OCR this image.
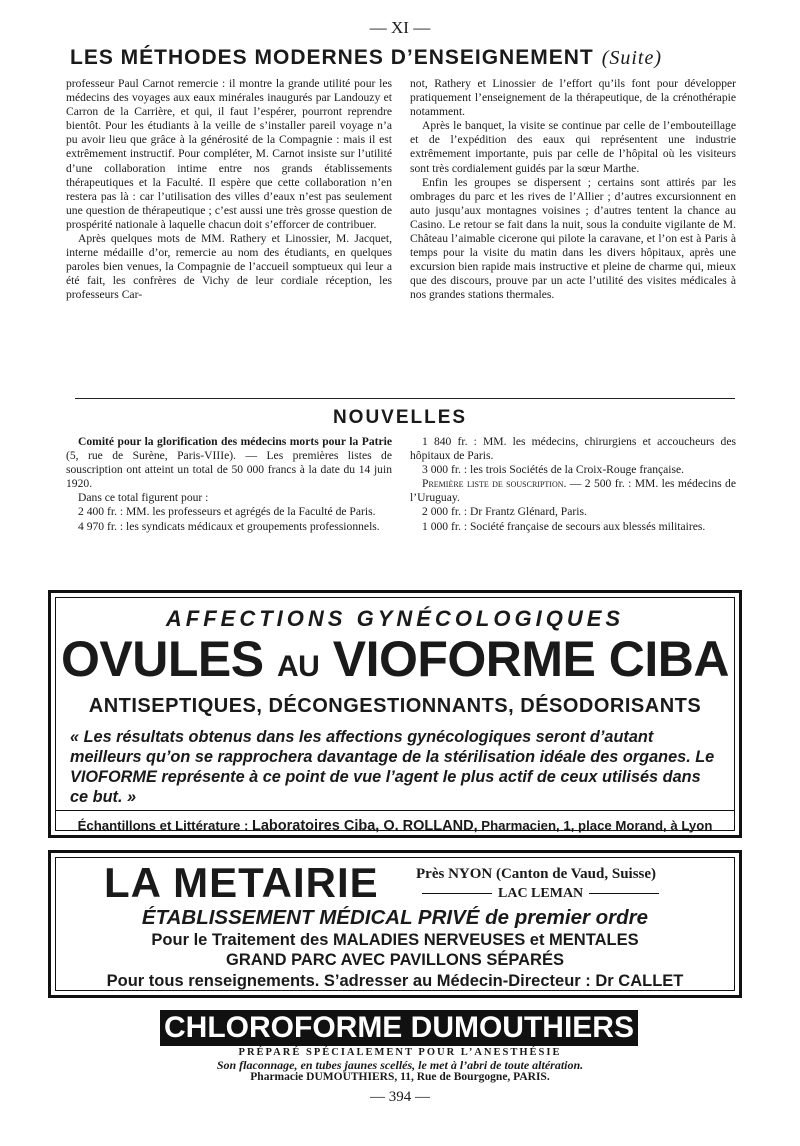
— XI —
LES MÉTHODES MODERNES D’ENSEIGNEMENT (Suite)

professeur Paul Carnot remercie : il montre la grande utilité pour les médecins des voyages aux eaux minérales inaugurés par Landouzy et Carron de la Carrière, et qui, il faut l’espérer, pourront reprendre bientôt. Pour les étudiants à la veille de s’installer pareil voyage n’a pu avoir lieu que grâce à la générosité de la Compagnie : mais il est extrêmement instructif. Pour compléter, M. Carnot insiste sur l’utilité d’une collaboration intime entre nos grands établissements thérapeutiques et la Faculté. Il espère que cette collaboration n’en restera pas là : car l’utilisation des villes d’eaux n’est pas seulement une question de thérapeutique ; c’est aussi une très grosse question de prospérité nationale à laquelle chacun doit s’efforcer de contribuer.

Après quelques mots de MM. Rathery et Linossier, M. Jacquet, interne médaille d’or, remercie au nom des étudiants, en quelques paroles bien venues, la Compagnie de l’accueil somptueux qui leur a été fait, les confrères de Vichy de leur cordiale réception, les professeurs Car-

not, Rathery et Linossier de l’effort qu’ils font pour développer pratiquement l’enseignement de la thérapeutique, de la crénothérapie notamment.

Après le banquet, la visite se continue par celle de l’embouteillage et de l’expédition des eaux qui représentent une industrie extrêmement importante, puis par celle de l’hôpital où les visiteurs sont très cordialement guidés par la sœur Marthe.

Enfin les groupes se dispersent ; certains sont attirés par les ombrages du parc et les rives de l’Allier ; d’autres excursionnent en auto jusqu’aux montagnes voisines ; d’autres tentent la chance au Casino. Le retour se fait dans la nuit, sous la conduite vigilante de M. Château l’aimable cicerone qui pilote la caravane, et l’on est à Paris à temps pour la visite du matin dans les divers hôpitaux, après une excursion bien rapide mais instructive et pleine de charme qui, mieux que des discours, prouve par un acte l’utilité des visites médicales à nos grandes stations thermales.

NOUVELLES

Comité pour la glorification des médecins morts pour la Patrie (5, rue de Surène, Paris-VIIIe). — Les premières listes de souscription ont atteint un total de 50 000 francs à la date du 14 juin 1920.

Dans ce total figurent pour :

2 400 fr. : MM. les professeurs et agrégés de la Faculté de Paris.

4 970 fr. : les syndicats médicaux et groupements professionnels.

1 840 fr. : MM. les médecins, chirurgiens et accoucheurs des hôpitaux de Paris.

3 000 fr. : les trois Sociétés de la Croix-Rouge française.

Première liste de souscription. — 2 500 fr. : MM. les médecins de l’Uruguay.

2 000 fr. : Dr Frantz Glénard, Paris.

1 000 fr. : Société française de secours aux blessés militaires.

AFFECTIONS GYNÉCOLOGIQUES
OVULES AU VIOFORME CIBA
ANTISEPTIQUES, DÉCONGESTIONNANTS, DÉSODORISANTS
« Les résultats obtenus dans les affections gynécologiques seront d’autant meilleurs qu’on se rapprochera davantage de la stérilisation idéale des organes. Le VIOFORME représente à ce point de vue l’agent le plus actif de ceux utilisés dans ce but. »
Échantillons et Littérature : Laboratoires Ciba, O. ROLLAND, Pharmacien, 1, place Morand, à Lyon
LA METAIRIE Près NYON (Canton de Vaud, Suisse)
LAC LEMAN
ÉTABLISSEMENT MÉDICAL PRIVÉ de premier ordre
Pour le Traitement des MALADIES NERVEUSES et MENTALES
GRAND PARC AVEC PAVILLONS SÉPARÉS
Pour tous renseignements. S’adresser au Médecin-Directeur : Dr CALLET
CHLOROFORME DUMOUTHIERS
PRÉPARÉ SPÉCIALEMENT POUR L’ANESTHÉSIE
Son flaconnage, en tubes jaunes scellés, le met à l’abri de toute altération.
Pharmacie DUMOUTHIERS, 11, Rue de Bourgogne, PARIS.
— 394 —
